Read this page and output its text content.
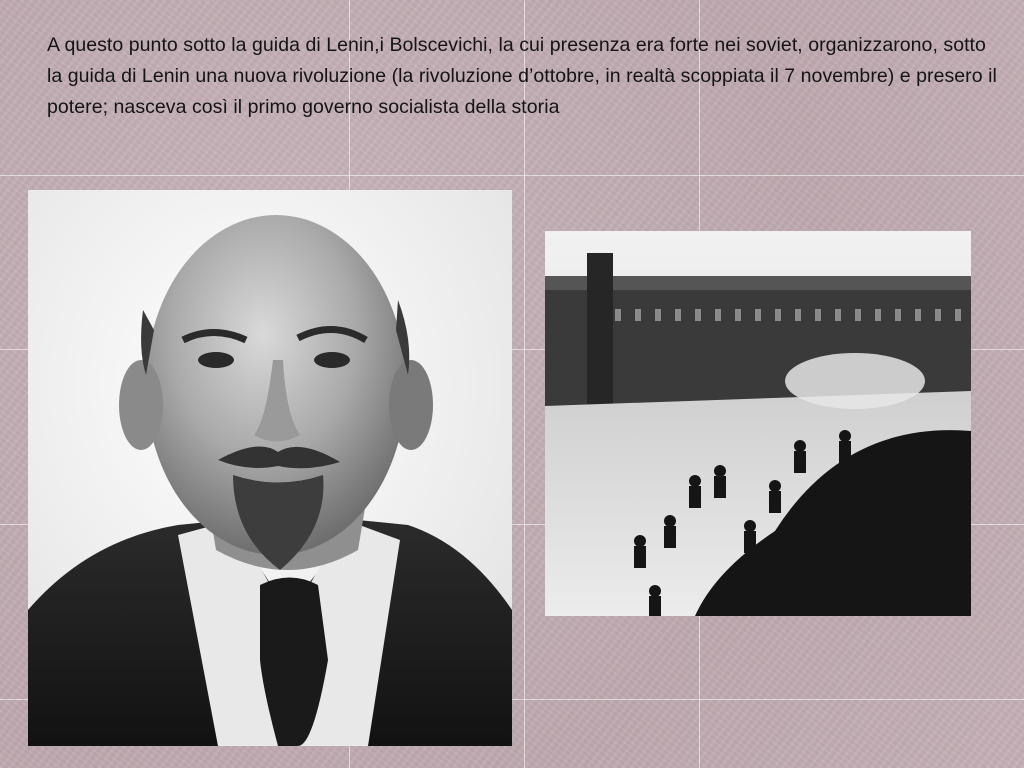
A questo punto sotto la guida di Lenin,i Bolscevichi, la cui presenza era forte nei soviet, organizzarono, sotto la guida di Lenin una nuova rivoluzione (la rivoluzione d’ottobre, in realtà scoppiata il 7 novembre) e presero il potere; nasceva così il primo governo socialista della storia
